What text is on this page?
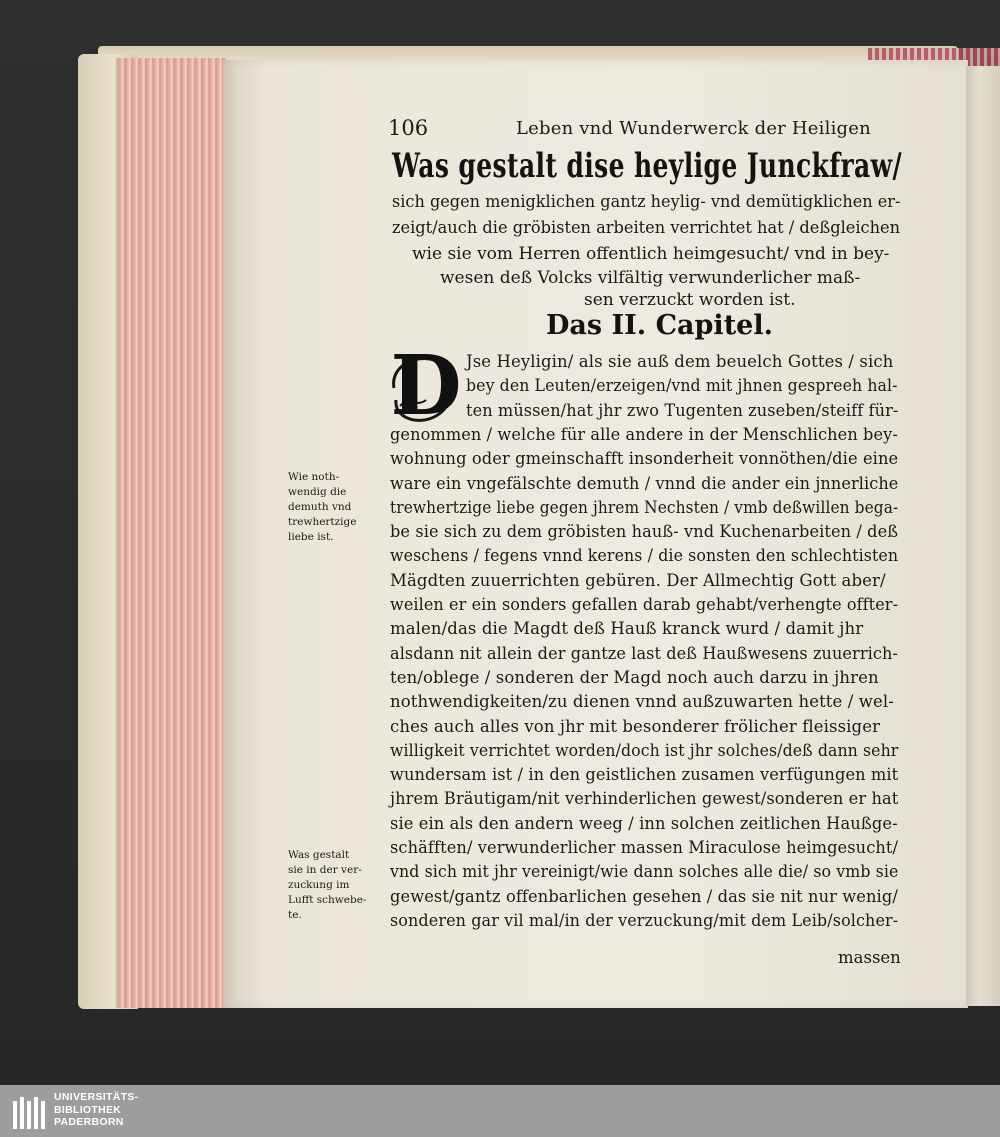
106	Leben vnd Wunderwerck der Heiligen
Was gestalt dise heylige Junckfraw/
sich gegen menigklichen gantz heylig- vnd demütigklichen er-
zeigt/auch die gröbisten arbeiten verrichtet hat / deßgleichen
wie sie vom Herren offentlich heimgesucht/ vnd in bey-
wesen deß Volcks vilfältig verwunderlicher maß-
sen verzuckt worden ist.
Das II. Capitel.
D Jse Heyligin/ als sie auß dem beuelch Gottes / sich
bey den Leuten/erzeigen/vnd mit jhnen gespreeh hal-
ten müssen/hat jhr zwo Tugenten zuseben/steiff für-
genommen / welche für alle andere in der Menschlichen bey-
wohnung oder gmeinschafft insonderheit vonnöthen/die eine
ware ein vngefälschte demuth / vnnd die ander ein jnnerliche
trewhertzige liebe gegen jhrem Nechsten / vmb deßwillen bega-
be sie sich zu dem gröbisten hauß- vnd Kuchenarbeiten / deß
weschens / fegens vnnd kerens / die sonsten den schlechtisten
Mägdten zuuerrichten gebüren. Der Allmechtig Gott aber/
weilen er ein sonders gefallen darab gehabt/verhengte offter-
malen/das die Magdt deß Hauß kranck wurd / damit jhr
alsdann nit allein der gantze last deß Haußwesens zuuerrich-
ten/oblege / sonderen der Magd noch auch darzu in jhren
nothwendigkeiten/zu dienen vnnd außzuwarten hette / wel-
ches auch alles von jhr mit besonderer frölicher fleissiger
willigkeit verrichtet worden/doch ist jhr solches/deß dann sehr
wundersam ist / in den geistlichen zusamen verfügungen mit
jhrem Bräutigam/nit verhinderlichen gewest/sonderen er hat
sie ein als den andern weeg / inn solchen zeitlichen Haußge-
schäfften/ verwunderlicher massen Miraculose heimgesucht/
vnd sich mit jhr vereinigt/wie dann solches alle die/ so vmb sie
gewest/gantz offenbarlichen gesehen / das sie nit nur wenig/
sonderen gar vil mal/in der verzuckung/mit dem Leib/solcher-
massen
Wie noth-
wendig die
demuth vnd
trewhertzige
liebe ist.
Was gestalt
sie in der ver-
zuckung im
Lufft schwebe-
te.
UNIVERSITÄTS-
BIBLIOTHEK
PADERBORN
